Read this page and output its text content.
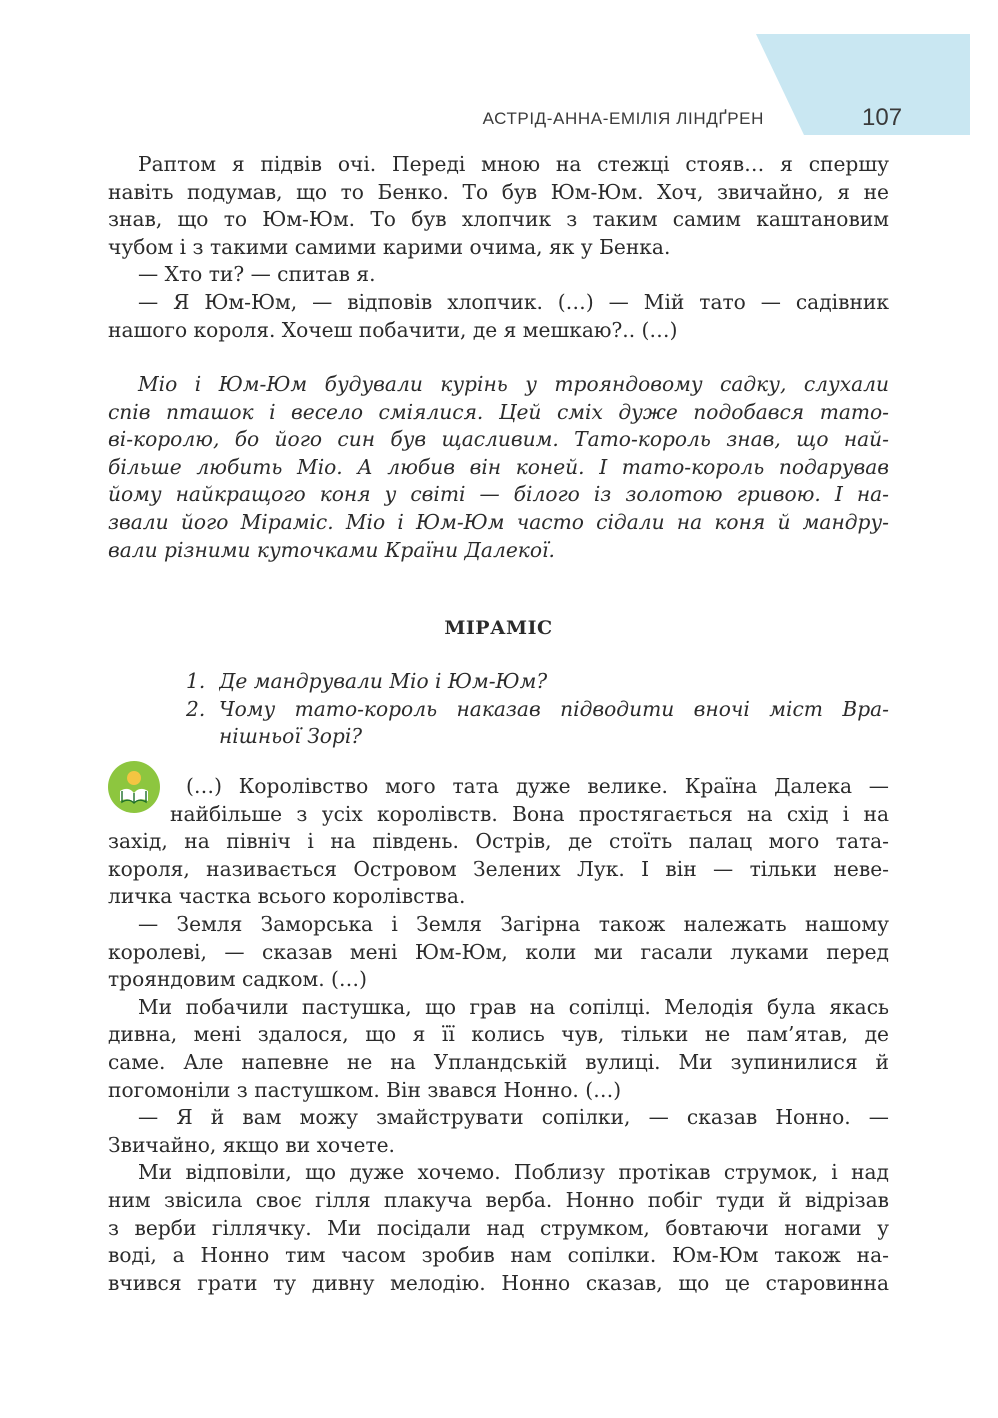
АСТРІД-АННА-ЕМІЛІЯ ЛІНДҐРЕН	107
Раптом я підвів очі. Переді мною на стежці стояв… я спершу
навіть подумав, що то Бенко. То був Юм-Юм. Хоч, звичайно, я не
знав, що то Юм-Юм. То був хлопчик з таким самим каштановим
чубом і з такими самими карими очима, як у Бенка.
— Хто ти? — спитав я.
— Я Юм-Юм, — відповів хлопчик. (…) — Мій тато — садівник
нашого короля. Хочеш побачити, де я мешкаю?.. (…)
Міо і Юм-Юм будували курінь у трояндовому садку, слухали
спів пташок і весело сміялися. Цей сміх дуже подобався тато-
ві-королю, бо його син був щасливим. Тато-король знав, що най-
більше любить Міо. А любив він коней. І тато-король подарував
йому найкращого коня у світі — білого із золотою гривою. І на-
звали його Міраміс. Міо і Юм-Юм часто сідали на коня й мандру-
вали різними куточками Країни Далекої.
МІРАМІС
1. Де мандрували Міо і Юм-Юм?
2. Чому тато-король наказав підводити вночі міст Вра-
нішньої Зорі?
(…) Королівство мого тата дуже велике. Країна Далека —
найбільше з усіх королівств. Вона простягається на схід і на
захід, на північ і на південь. Острів, де стоїть палац мого тата-
короля, називається Островом Зелених Лук. І він — тільки неве-
личка частка всього королівства.
— Земля Заморська і Земля Загірна також належать нашому
королеві, — сказав мені Юм-Юм, коли ми гасали луками перед
трояндовим садком. (…)
Ми побачили пастушка, що грав на сопілці. Мелодія була якась
дивна, мені здалося, що я її колись чув, тільки не пам’ятав, де
саме. Але напевне не на Упландській вулиці. Ми зупинилися й
погомоніли з пастушком. Він звався Нонно. (…)
— Я й вам можу змайструвати сопілки, — сказав Нонно. —
Звичайно, якщо ви хочете.
Ми відповіли, що дуже хочемо. Поблизу протікав струмок, і над
ним звісила своє гілля плакуча верба. Нонно побіг туди й відрізав
з верби гіллячку. Ми посідали над струмком, бовтаючи ногами у
воді, а Нонно тим часом зробив нам сопілки. Юм-Юм також на-
вчився грати ту дивну мелодію. Нонно сказав, що це старовинна
